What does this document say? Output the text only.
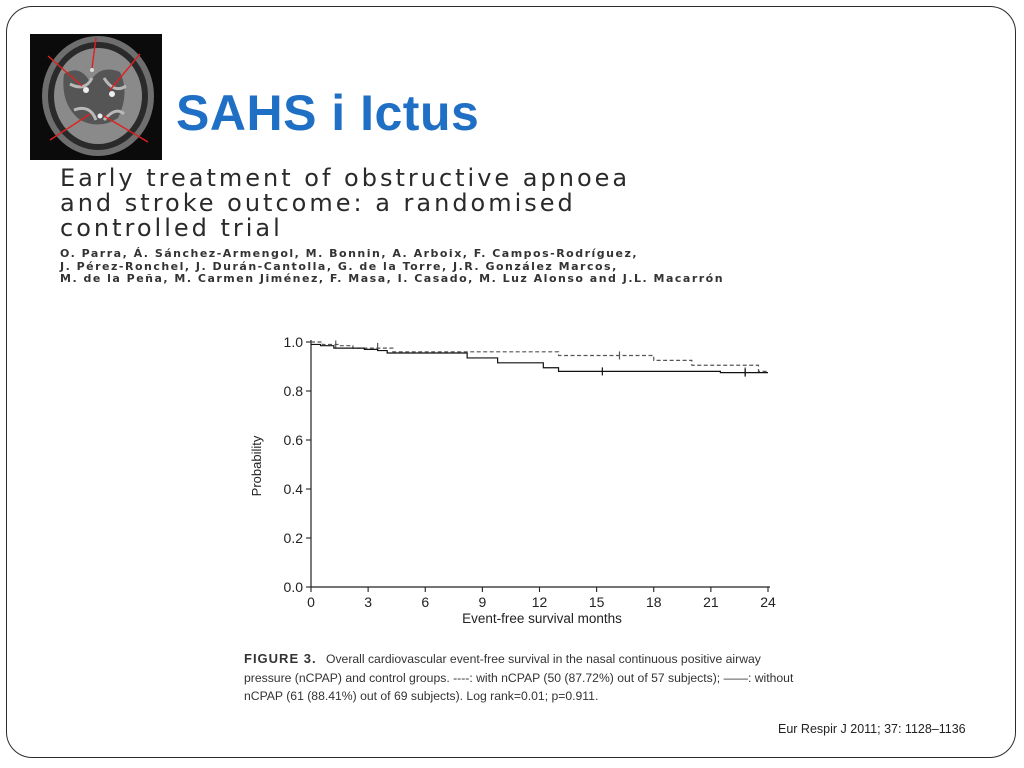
SAHS i Ictus
Early treatment of obstructive apnoea
and stroke outcome: a randomised
controlled trial
O. Parra, Á. Sánchez-Armengol, M. Bonnin, A. Arboix, F. Campos-Rodríguez,
J. Pérez-Ronchel, J. Durán-Cantolla, G. de la Torre, J.R. González Marcos,
M. de la Peña, M. Carmen Jiménez, F. Masa, I. Casado, M. Luz Alonso and J.L. Macarrón
0.0
0.2
0.4
0.6
0.8
1.0
0	3	6	9	12	15	18	21	24
Event-free survival months
Probability
FIGURE 3. Overall cardiovascular event-free survival in the nasal continuous positive airway pressure (nCPAP) and control groups. ----: with nCPAP (50 (87.72%) out of 57 subjects); ——: without nCPAP (61 (88.41%) out of 69 subjects). Log rank=0.01; p=0.911.
Eur Respir J 2011; 37: 1128–1136
